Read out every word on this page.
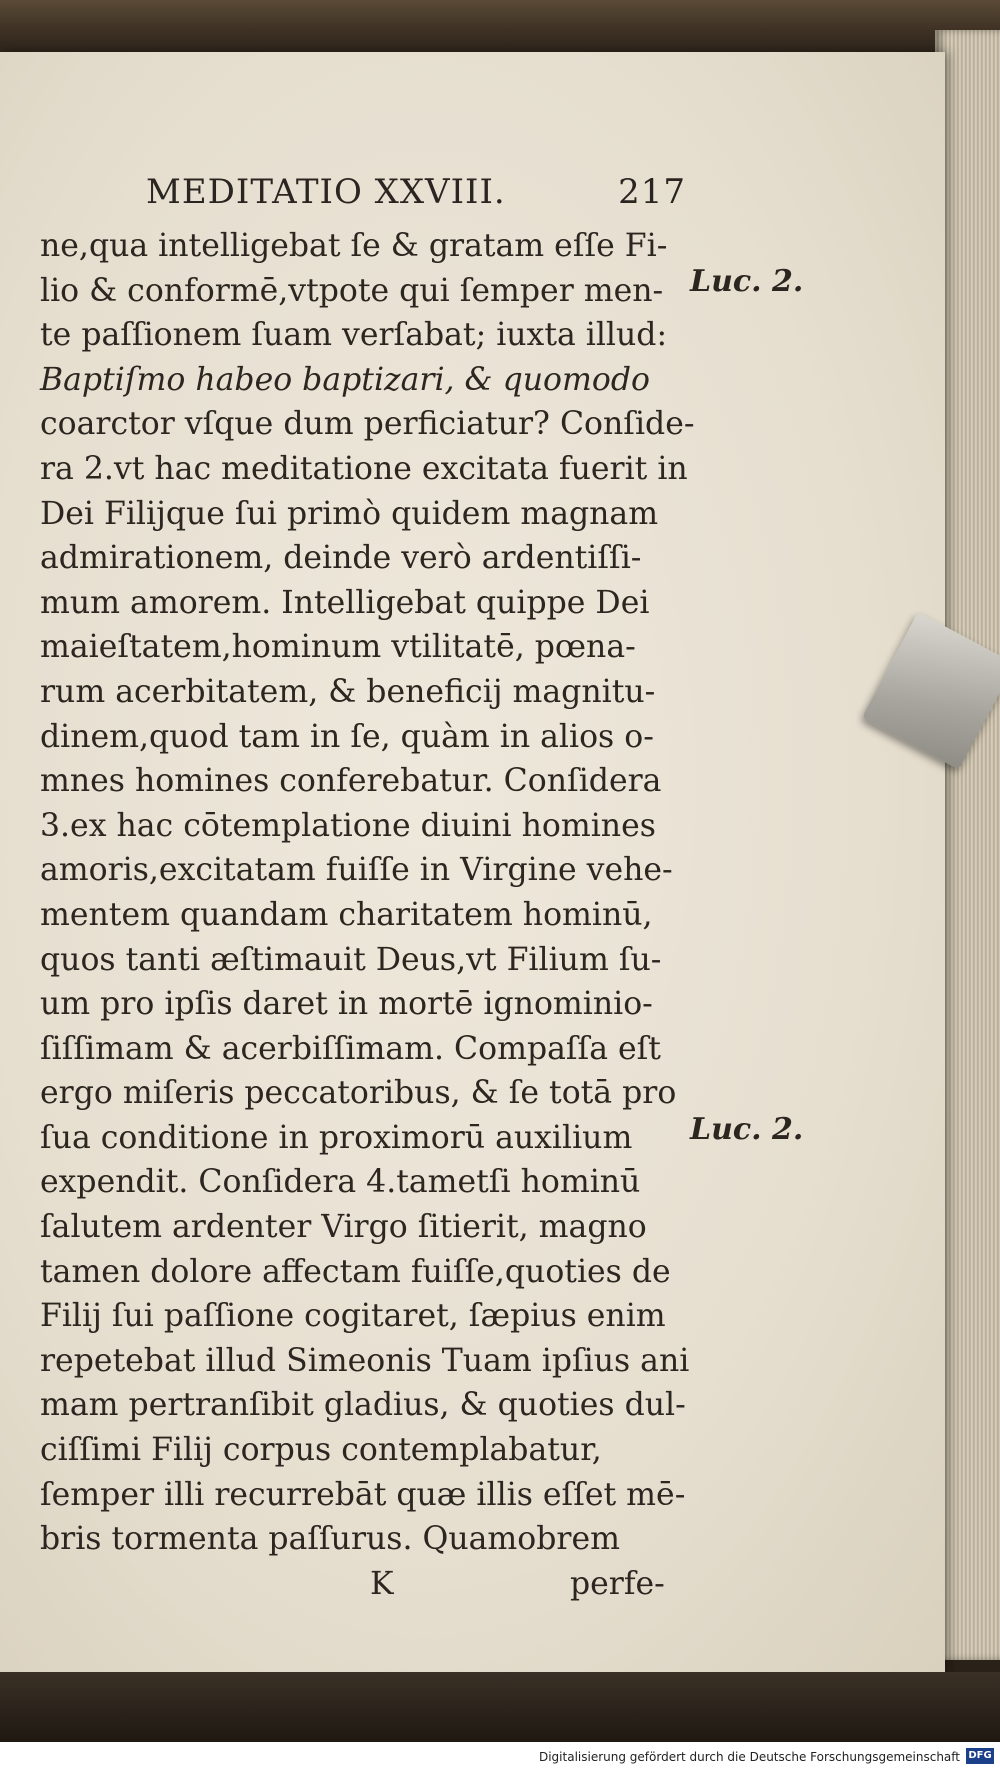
MEDITATIO XXVIII.	217
ne,qua intelligebat ſe & gratam eſſe Fi-
lio & conformē,vtpote qui ſemper men-
te paſſionem ſuam verſabat; iuxta illud:
Baptiſmo habeo baptizari, & quomodo
coarctor vſque dum perficiatur? Conſide-
ra 2.vt hac meditatione excitata fuerit in
Dei Filijque ſui primò quidem magnam
admirationem, deinde verò ardentiſſi-
mum amorem. Intelligebat quippe Dei
maieſtatem,hominum vtilitatē, pœna-
rum acerbitatem, & beneficij magnitu-
dinem,quod tam in ſe, quàm in alios o-
mnes homines conferebatur. Conſidera
3.ex hac cōtemplatione diuini homines
amoris,excitatam fuiſſe in Virgine vehe-
mentem quandam charitatem hominū,
quos tanti æſtimauit Deus,vt Filium ſu-
um pro ipſis daret in mortē ignominio-
ſiſſimam & acerbiſſimam. Compaſſa eſt
ergo miſeris peccatoribus, & ſe totā pro
ſua conditione in proximorū auxilium
expendit. Conſidera 4.tametſi hominū
ſalutem ardenter Virgo ſitierit, magno
tamen dolore affectam fuiſſe,quoties de
Filij ſui paſſione cogitaret, ſæpius enim
repetebat illud Simeonis Tuam ipſius ani
mam pertranſibit gladius, & quoties dul-
ciſſimi Filij corpus contemplabatur,
ſemper illi recurrebāt quæ illis eſſet mē-
bris tormenta paſſurus. Quamobrem
K	perfe-
Luc. 2.
Luc. 2.
Digitalisierung gefördert durch die Deutsche Forschungsgemeinschaft DFG
